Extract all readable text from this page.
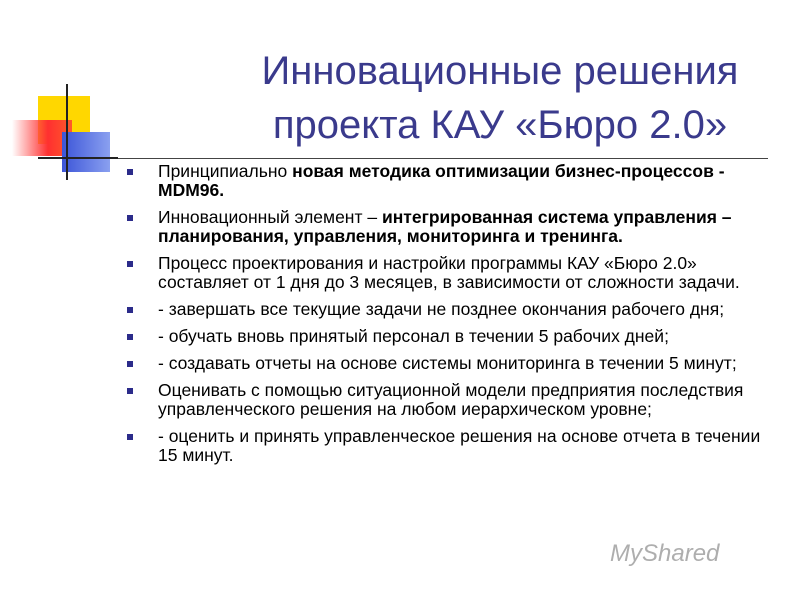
Инновационные решения
проекта КАУ «Бюро 2.0»
Принципиально новая методика оптимизации бизнес-процессов - MDM96.
Инновационный элемент – интегрированная система управления – планирования, управления, мониторинга и тренинга.
Процесс проектирования и настройки программы КАУ «Бюро 2.0» составляет от 1 дня до 3 месяцев, в зависимости от сложности задачи.
- завершать все текущие задачи не позднее окончания рабочего дня;
- обучать вновь принятый персонал в течении 5 рабочих дней;
- создавать отчеты на основе системы мониторинга в течении 5 минут;
Оценивать с помощью ситуационной модели предприятия последствия управленческого решения на любом иерархическом уровне;
- оценить и принять управленческое решения на основе отчета в течении 15 минут.
MyShared
